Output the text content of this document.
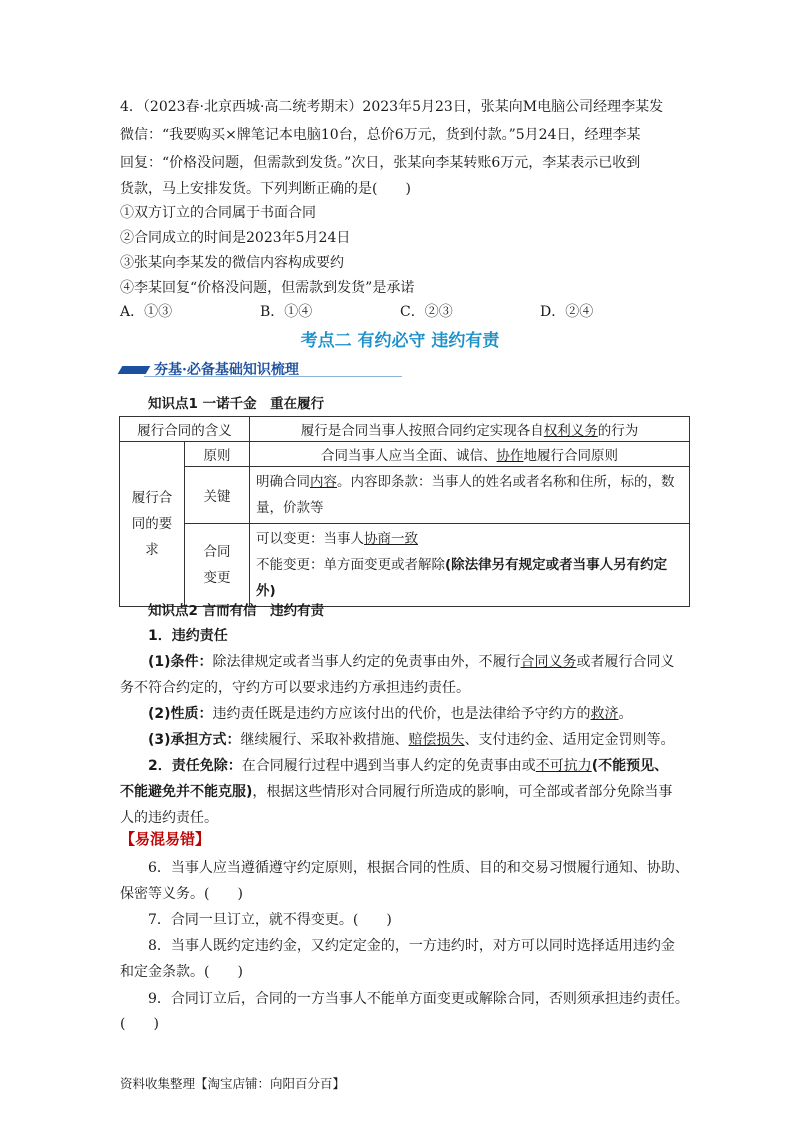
4．（2023春·北京西城·高二统考期末）2023年5月23日，张某向M电脑公司经理李某发
微信：“我要购买×牌笔记本电脑10台，总价6万元，货到付款。”5月24日，经理李某
回复：“价格没问题，但需款到发货。”次日，张某向李某转账6万元，李某表示已收到
货款，马上安排发货。下列判断正确的是(　　)
①双方订立的合同属于书面合同
②合同成立的时间是2023年5月24日
③张某向李某发的微信内容构成要约
④李某回复“价格没问题，但需款到发货”是承诺
A．①③	B．①④	C．②③	D．②④
考点二 有约必守 违约有责
夯基·必备基础知识梳理
知识点1 一诺千金　重在履行
履行合同的含义		履行是合同当事人按照合同约定实现各自权利义务的行为
履行合同的要求	原则	合同当事人应当全面、诚信、协作地履行合同原则
	关键	明确合同内容。内容即条款：当事人的姓名或者名称和住所，标的，数量，价款等
	合同变更	可以变更：当事人协商一致
不能变更：单方面变更或者解除(除法律另有规定或者当事人另有约定外)
知识点2 言而有信　违约有责
1．违约责任
(1)条件：除法律规定或者当事人约定的免责事由外，不履行合同义务或者履行合同义
务不符合约定的，守约方可以要求违约方承担违约责任。
(2)性质：违约责任既是违约方应该付出的代价，也是法律给予守约方的救济。
(3)承担方式：继续履行、采取补救措施、赔偿损失、支付违约金、适用定金罚则等。
2．责任免除：在合同履行过程中遇到当事人约定的免责事由或不可抗力(不能预见、
不能避免并不能克服)，根据这些情形对合同履行所造成的影响，可全部或者部分免除当事
人的违约责任。
【易混易错】
6．当事人应当遵循遵守约定原则，根据合同的性质、目的和交易习惯履行通知、协助、
保密等义务。(　　)
7．合同一旦订立，就不得变更。(　　)
8．当事人既约定违约金，又约定定金的，一方违约时，对方可以同时选择适用违约金
和定金条款。(　　)
9．合同订立后，合同的一方当事人不能单方面变更或解除合同，否则须承担违约责任。
(　　)
资料收集整理【淘宝店铺：向阳百分百】
